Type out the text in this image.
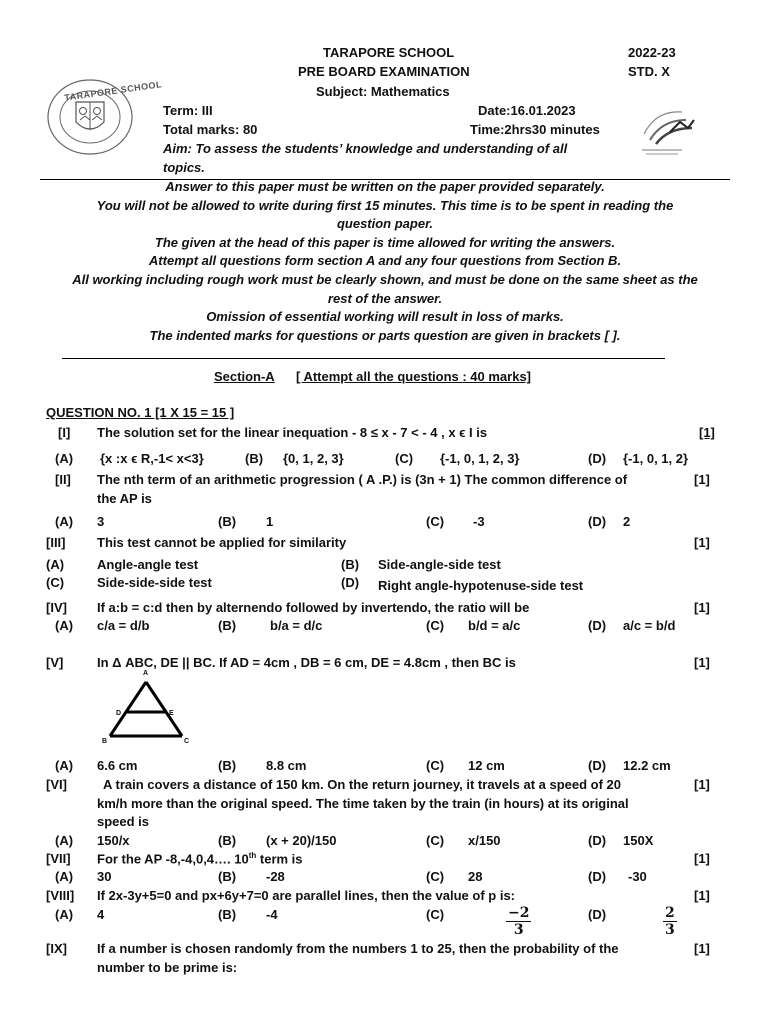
TARAPORE SCHOOL
TARAPORE SCHOOL
PRE BOARD EXAMINATION
Subject: Mathematics
2022-23
STD. X
Term: III	Date:16.01.2023
Total marks: 80	Time:2hrs30 minutes
Aim: To assess the students’ knowledge and understanding of all
topics.
Answer to this paper must be written on the paper provided separately.
You will not be allowed to write during first 15 minutes. This time is to be spent in reading the
question paper.
The given at the head of this paper is time allowed for writing the answers.
Attempt all questions form section A and any four questions from Section B.
All working including rough work must be clearly shown, and must be done on the same sheet as the
rest of the answer.
Omission of essential working will result in loss of marks.
The indented marks for questions or parts question are given in brackets [ ].
Section-A [ Attempt all the questions : 40 marks]
QUESTION NO. 1 [1 X 15 = 15 ]
[I] The solution set for the linear inequation - 8 ≤ x - 7 < - 4 , x ϵ I is	[1]
(A) {x :x ϵ R,-1< x<3}	(B) {0, 1, 2, 3}	(C) {-1, 0, 1, 2, 3}	(D) {-1, 0, 1, 2}
[II] The nth term of an arithmetic progression ( A .P.) is (3n + 1) The common difference of
the AP is
[1]
(A) 3	(B) 1	(C) -3	(D) 2
[III] This test cannot be applied for similarity	[1]
(A)	Angle-angle test	(B) Side-angle-side test
(C)	Side-side-side test	(D) Right angle-hypotenuse-side test
[IV] If a:b = c:d then by alternendo followed by invertendo, the ratio will be	[1]
(A) c/a = d/b	(B)	b/a = d/c	(C) b/d = a/c	(D) a/c = b/d
[V]	In Δ ABC, DE || BC. If AD = 4cm , DB = 6 cm, DE = 4.8cm , then BC is	[1]
A
D	E
B	C
(A) 6.6 cm	(B) 8.8 cm	(C) 12 cm	(D) 12.2 cm
[VI]	A train covers a distance of 150 km. On the return journey, it travels at a speed of 20
km/h more than the original speed. The time taken by the train (in hours) at its original
speed is
[1]
(A) 150/x	(B) (x + 20)/150	(C) x/150	(D) 150X
[VII] For the AP -8,-4,0,4…. 10th term is	[1]
(A) 30	(B) -28	(C) 28	(D) -30
[VIII] If 2x-3y+5=0 and px+6y+7=0 are parallel lines, then the value of p is:	[1]
(A) 4	(B) -4	(C)	$\frac{-2}{3}$	(D)	$\frac{2}{3}$
[IX] If a number is chosen randomly from the numbers 1 to 25, then the probability of the
number to be prime is:
[1]
